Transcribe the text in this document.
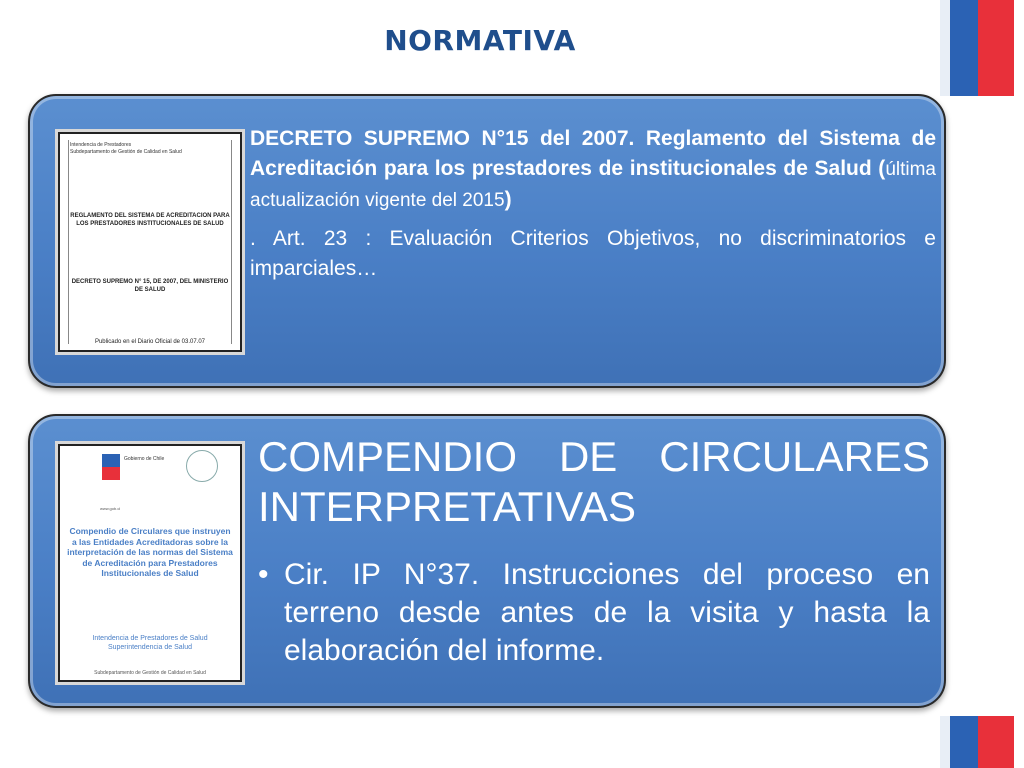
NORMATIVA
Intendencia de Prestadores
Subdepartamento de Gestión de Calidad en Salud
REGLAMENTO DEL SISTEMA DE ACREDITACION PARA LOS PRESTADORES INSTITUCIONALES DE SALUD
DECRETO SUPREMO N° 15, DE 2007, DEL MINISTERIO DE SALUD
Publicado en el Diario Oficial de 03.07.07

DECRETO SUPREMO N°15 del 2007. Reglamento del Sistema de Acreditación para los prestadores de institucionales de Salud (última actualización vigente del 2015)

. Art. 23 : Evaluación Criterios Objetivos, no discriminatorios e imparciales…

Gobierno de Chile
www.gob.cl
Compendio de Circulares que instruyen a las Entidades Acreditadoras sobre la interpretación de las normas del Sistema de Acreditación para Prestadores Institucionales de Salud
Intendencia de Prestadores de Salud Superintendencia de Salud
Subdepartamento de Gestión de Calidad en Salud

COMPENDIO DE CIRCULARES

INTERPRETATIVAS

• Cir. IP N°37. Instrucciones del proceso en terreno desde antes de la visita y hasta la elaboración del informe.
